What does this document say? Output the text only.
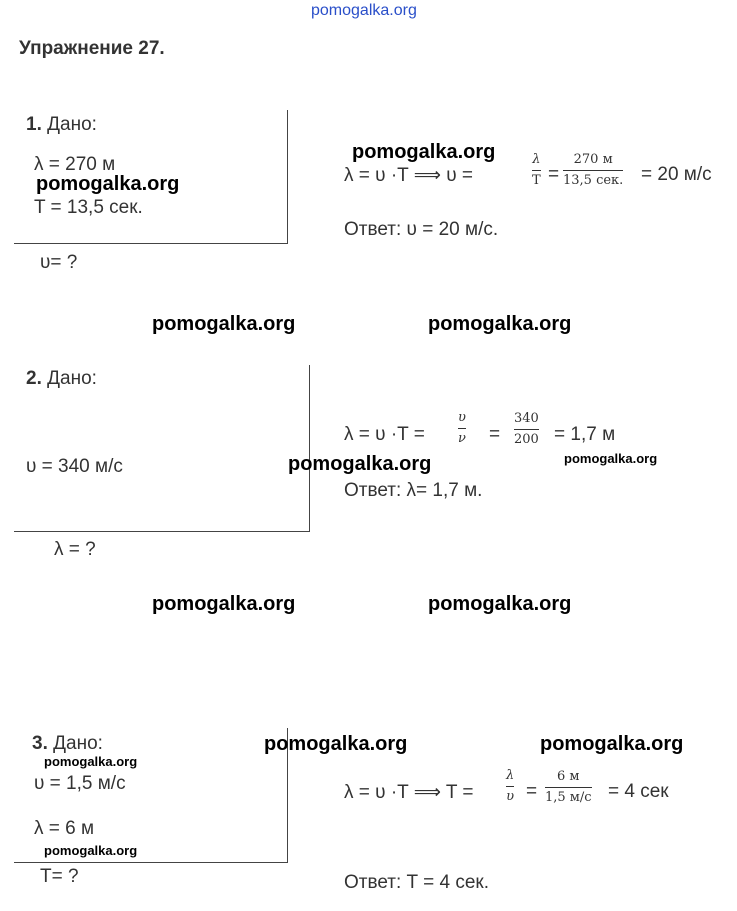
pomogalka.org
Упражнение 27.
1. Дано:
λ = 270 м
T = 13,5 сек.
υ= ?
λ = υ ·T ⟹ υ =
λ
T =
270 м
13,5 сек. = 20 м/с
Ответ: υ = 20 м/с.
2. Дано:
υ = 340 м/с
λ = ?
λ = υ ·T =
υ
ν =
340
200 = 1,7 м
Ответ: λ= 1,7 м.
3. Дано:
υ = 1,5 м/с
λ = 6 м
T= ?
λ = υ ·T ⟹ T =
λ
υ =
6 м
1,5 м/с = 4 сек
Ответ: T = 4 сек.
pomogalka.org
pomogalka.org
pomogalka.org	pomogalka.org
pomogalka.org	pomogalka.org
pomogalka.org	pomogalka.org
pomogalka.org	pomogalka.org
pomogalka.org
pomogalka.org
